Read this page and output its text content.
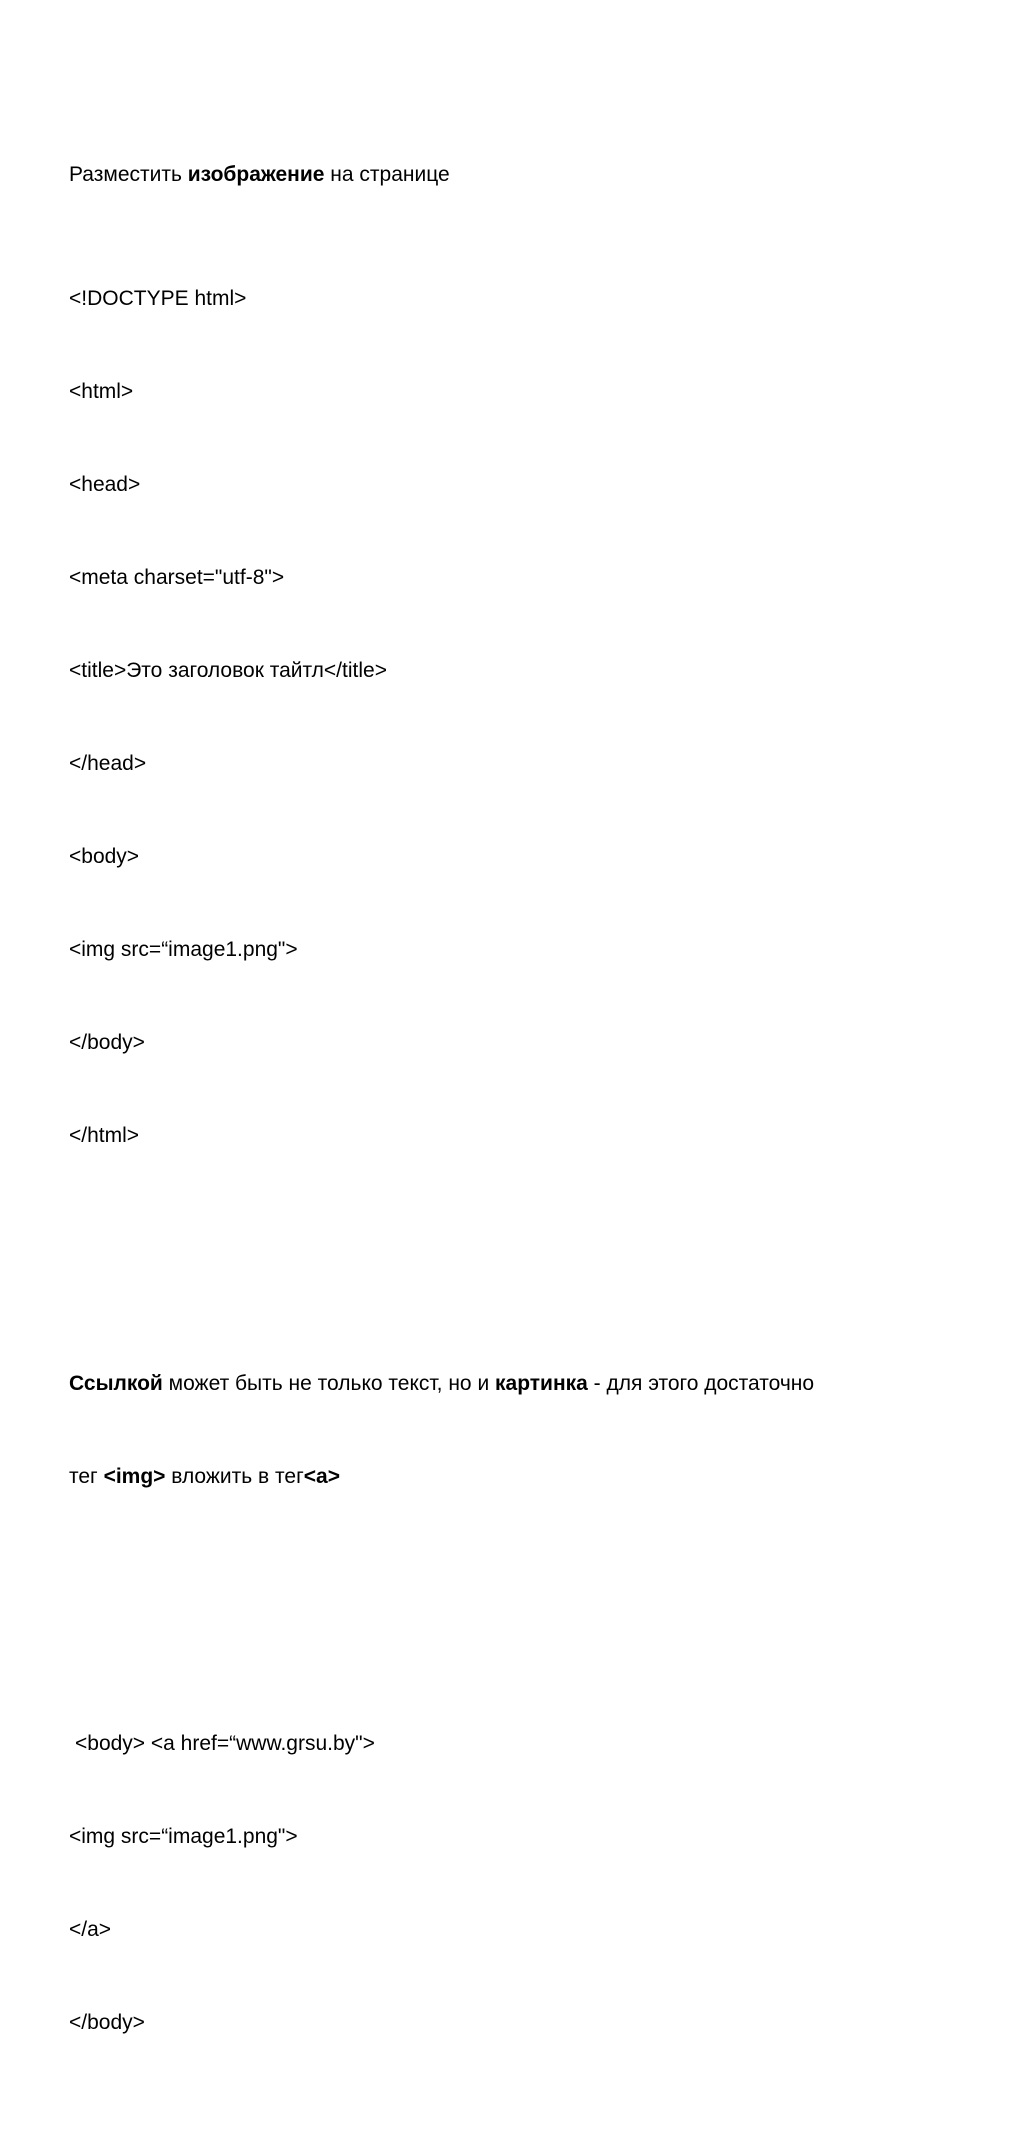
Разместить изображение на странице

<!DOCTYPE html>

<html>

<head>

<meta charset="utf-8">

<title>Это заголовок тайтл</title>

</head>

<body>

<img src=“image1.png">

</body>

</html>

Ссылкой может быть не только текст, но и картинка - для этого достаточно

тег <img> вложить в тег<a>

<body> <a href=“www.grsu.by">

<img src=“image1.png">

</a>

</body>
